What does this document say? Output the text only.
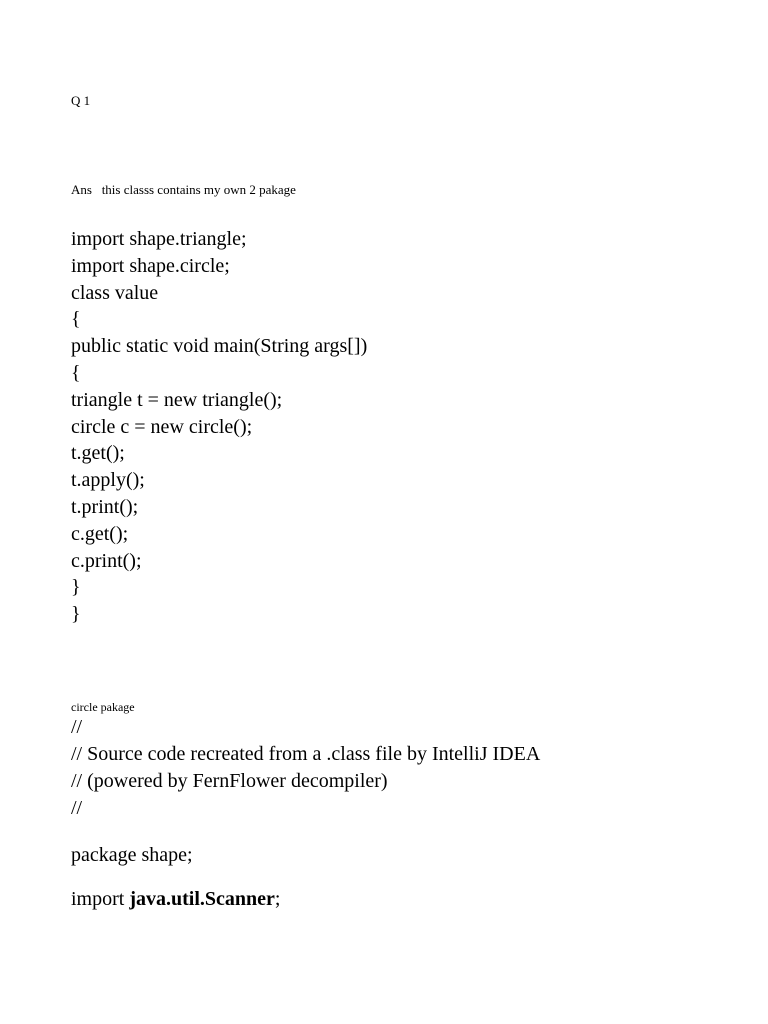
Q 1
Ans   this classs contains my own 2 pakage
import shape.triangle;
import shape.circle;
class value
{
public static void main(String args[])
{
triangle t = new triangle();
circle c = new circle();
t.get();
t.apply();
t.print();
c.get();
c.print();
}
}
circle pakage
//
// Source code recreated from a .class file by IntelliJ IDEA
// (powered by FernFlower decompiler)
//
package shape;
import java.util.Scanner;
